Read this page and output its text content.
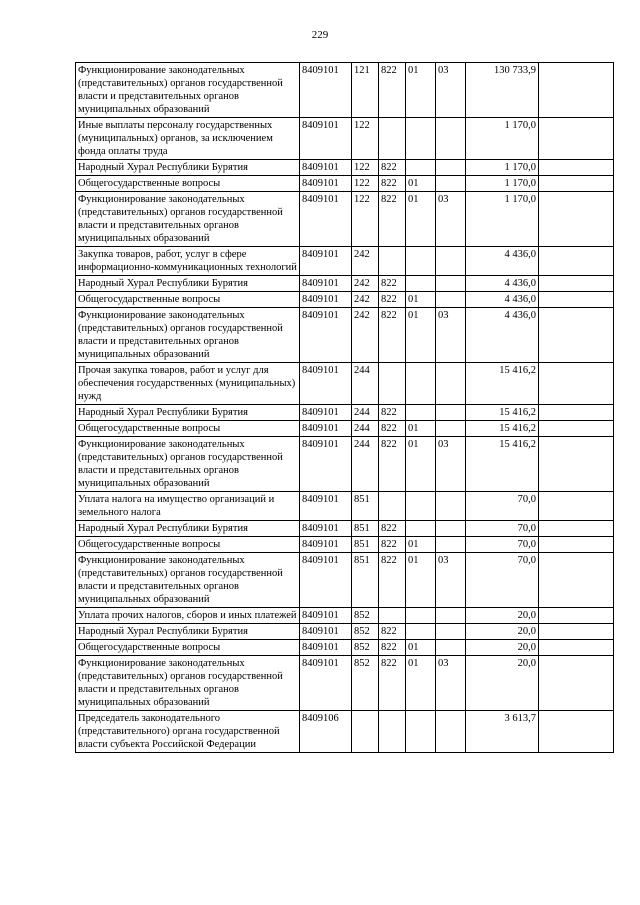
229
Функционирование законодательных (представительных) органов государственной власти и представительных органов муниципальных образований	8409101	121	822	01	03	130 733,9	
Иные выплаты персоналу государственных (муниципальных) органов, за исключением фонда оплаты труда	8409101	122				1 170,0	
Народный Хурал Республики Бурятия	8409101	122	822			1 170,0	
Общегосударственные вопросы	8409101	122	822	01		1 170,0	
Функционирование законодательных (представительных) органов государственной власти и представительных органов муниципальных образований	8409101	122	822	01	03	1 170,0	
Закупка товаров, работ, услуг в сфере информационно-коммуникационных технологий	8409101	242				4 436,0	
Народный Хурал Республики Бурятия	8409101	242	822			4 436,0	
Общегосударственные вопросы	8409101	242	822	01		4 436,0	
Функционирование законодательных (представительных) органов государственной власти и представительных органов муниципальных образований	8409101	242	822	01	03	4 436,0	
Прочая закупка товаров, работ и услуг для обеспечения государственных (муниципальных) нужд	8409101	244				15 416,2	
Народный Хурал Республики Бурятия	8409101	244	822			15 416,2	
Общегосударственные вопросы	8409101	244	822	01		15 416,2	
Функционирование законодательных (представительных) органов государственной власти и представительных органов муниципальных образований	8409101	244	822	01	03	15 416,2	
Уплата налога на имущество организаций и земельного налога	8409101	851				70,0	
Народный Хурал Республики Бурятия	8409101	851	822			70,0	
Общегосударственные вопросы	8409101	851	822	01		70,0	
Функционирование законодательных (представительных) органов государственной власти и представительных органов муниципальных образований	8409101	851	822	01	03	70,0	
Уплата прочих налогов, сборов и иных платежей	8409101	852				20,0	
Народный Хурал Республики Бурятия	8409101	852	822			20,0	
Общегосударственные вопросы	8409101	852	822	01		20,0	
Функционирование законодательных (представительных) органов государственной власти и представительных органов муниципальных образований	8409101	852	822	01	03	20,0	
Председатель законодательного (представительного) органа государственной власти субъекта Российской Федерации	8409106					3 613,7	
